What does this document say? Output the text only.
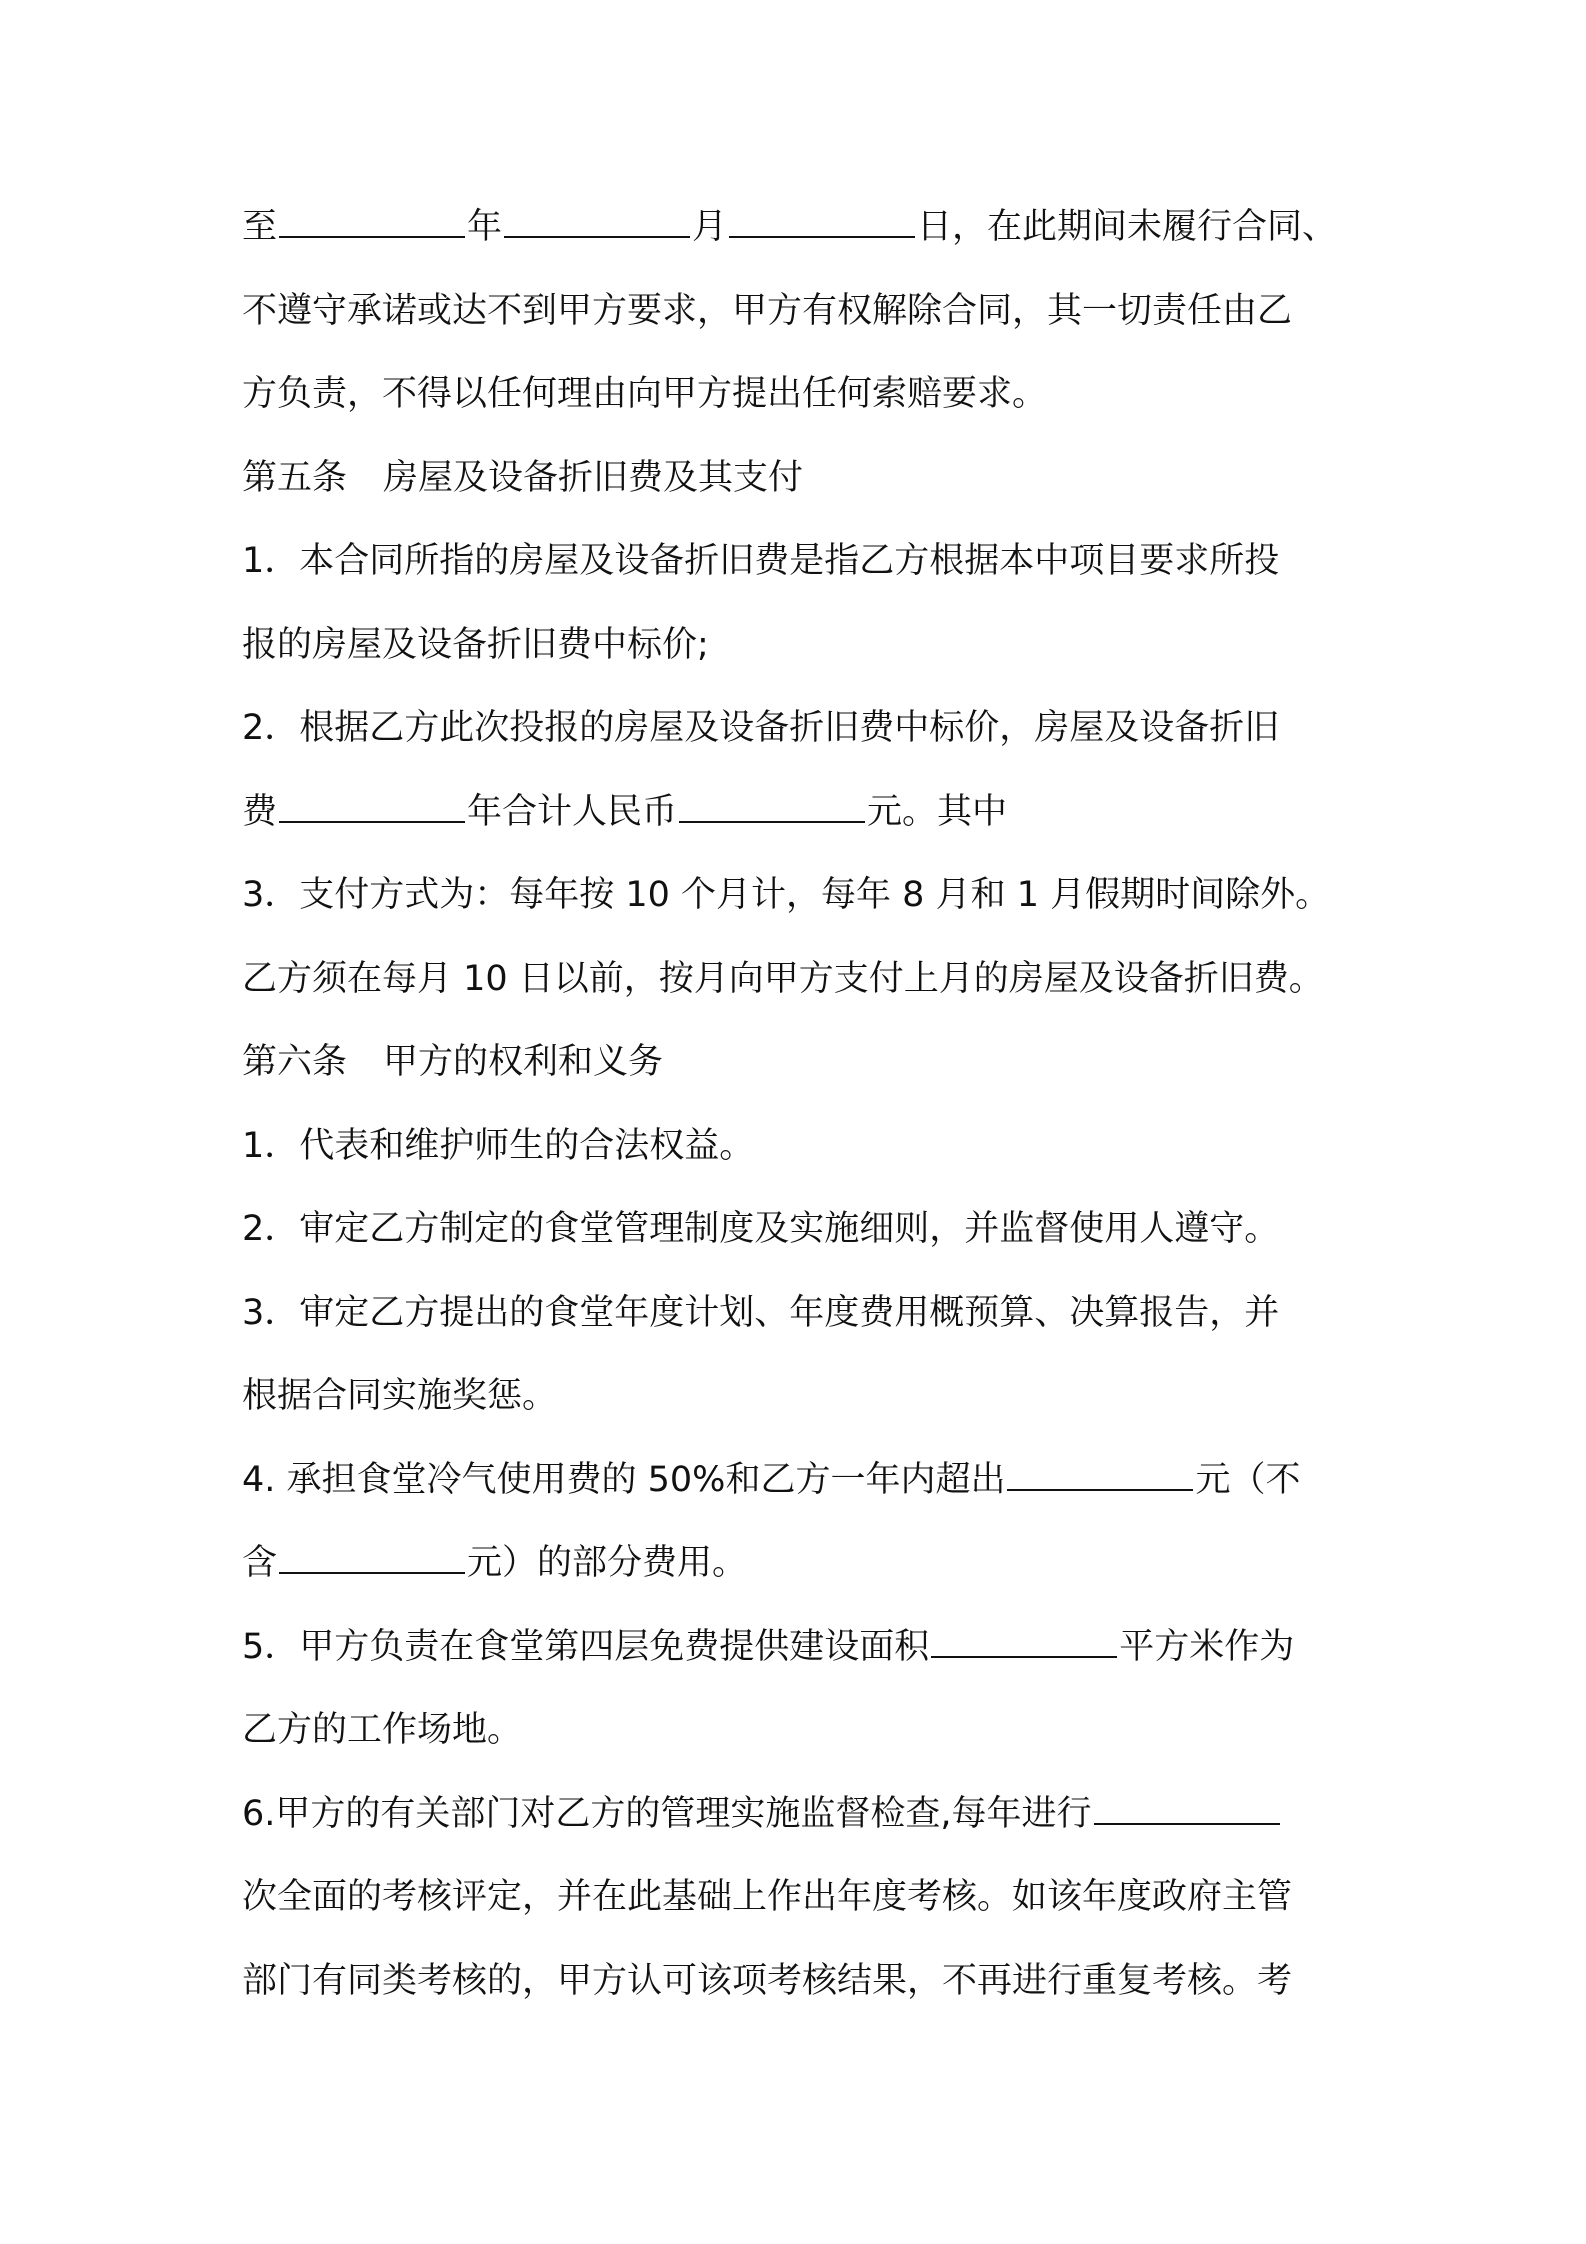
至	年	月	日，在此期间未履行合同、
不遵守承诺或达不到甲方要求，甲方有权解除合同，其一切责任由乙
方负责，不得以任何理由向甲方提出任何索赔要求。
第五条 房屋及设备折旧费及其支付
1．本合同所指的房屋及设备折旧费是指乙方根据本中项目要求所投
报的房屋及设备折旧费中标价;
2．根据乙方此次投报的房屋及设备折旧费中标价，房屋及设备折旧
费	年合计人民币	元。其中
3．支付方式为：每年按 10 个月计，每年 8 月和 1 月假期时间除外。
乙方须在每月 10 日以前，按月向甲方支付上月的房屋及设备折旧费。
第六条 甲方的权利和义务
1．代表和维护师生的合法权益。
2．审定乙方制定的食堂管理制度及实施细则，并监督使用人遵守。
3．审定乙方提出的食堂年度计划、年度费用概预算、决算报告，并
根据合同实施奖惩。
4. 承担食堂冷气使用费的 50%和乙方一年内超出	元（不
含	元）的部分费用。
5．甲方负责在食堂第四层免费提供建设面积	平方米作为
乙方的工作场地。
6.甲方的有关部门对乙方的管理实施监督检查,每年进行
次全面的考核评定，并在此基础上作出年度考核。如该年度政府主管
部门有同类考核的，甲方认可该项考核结果，不再进行重复考核。考
